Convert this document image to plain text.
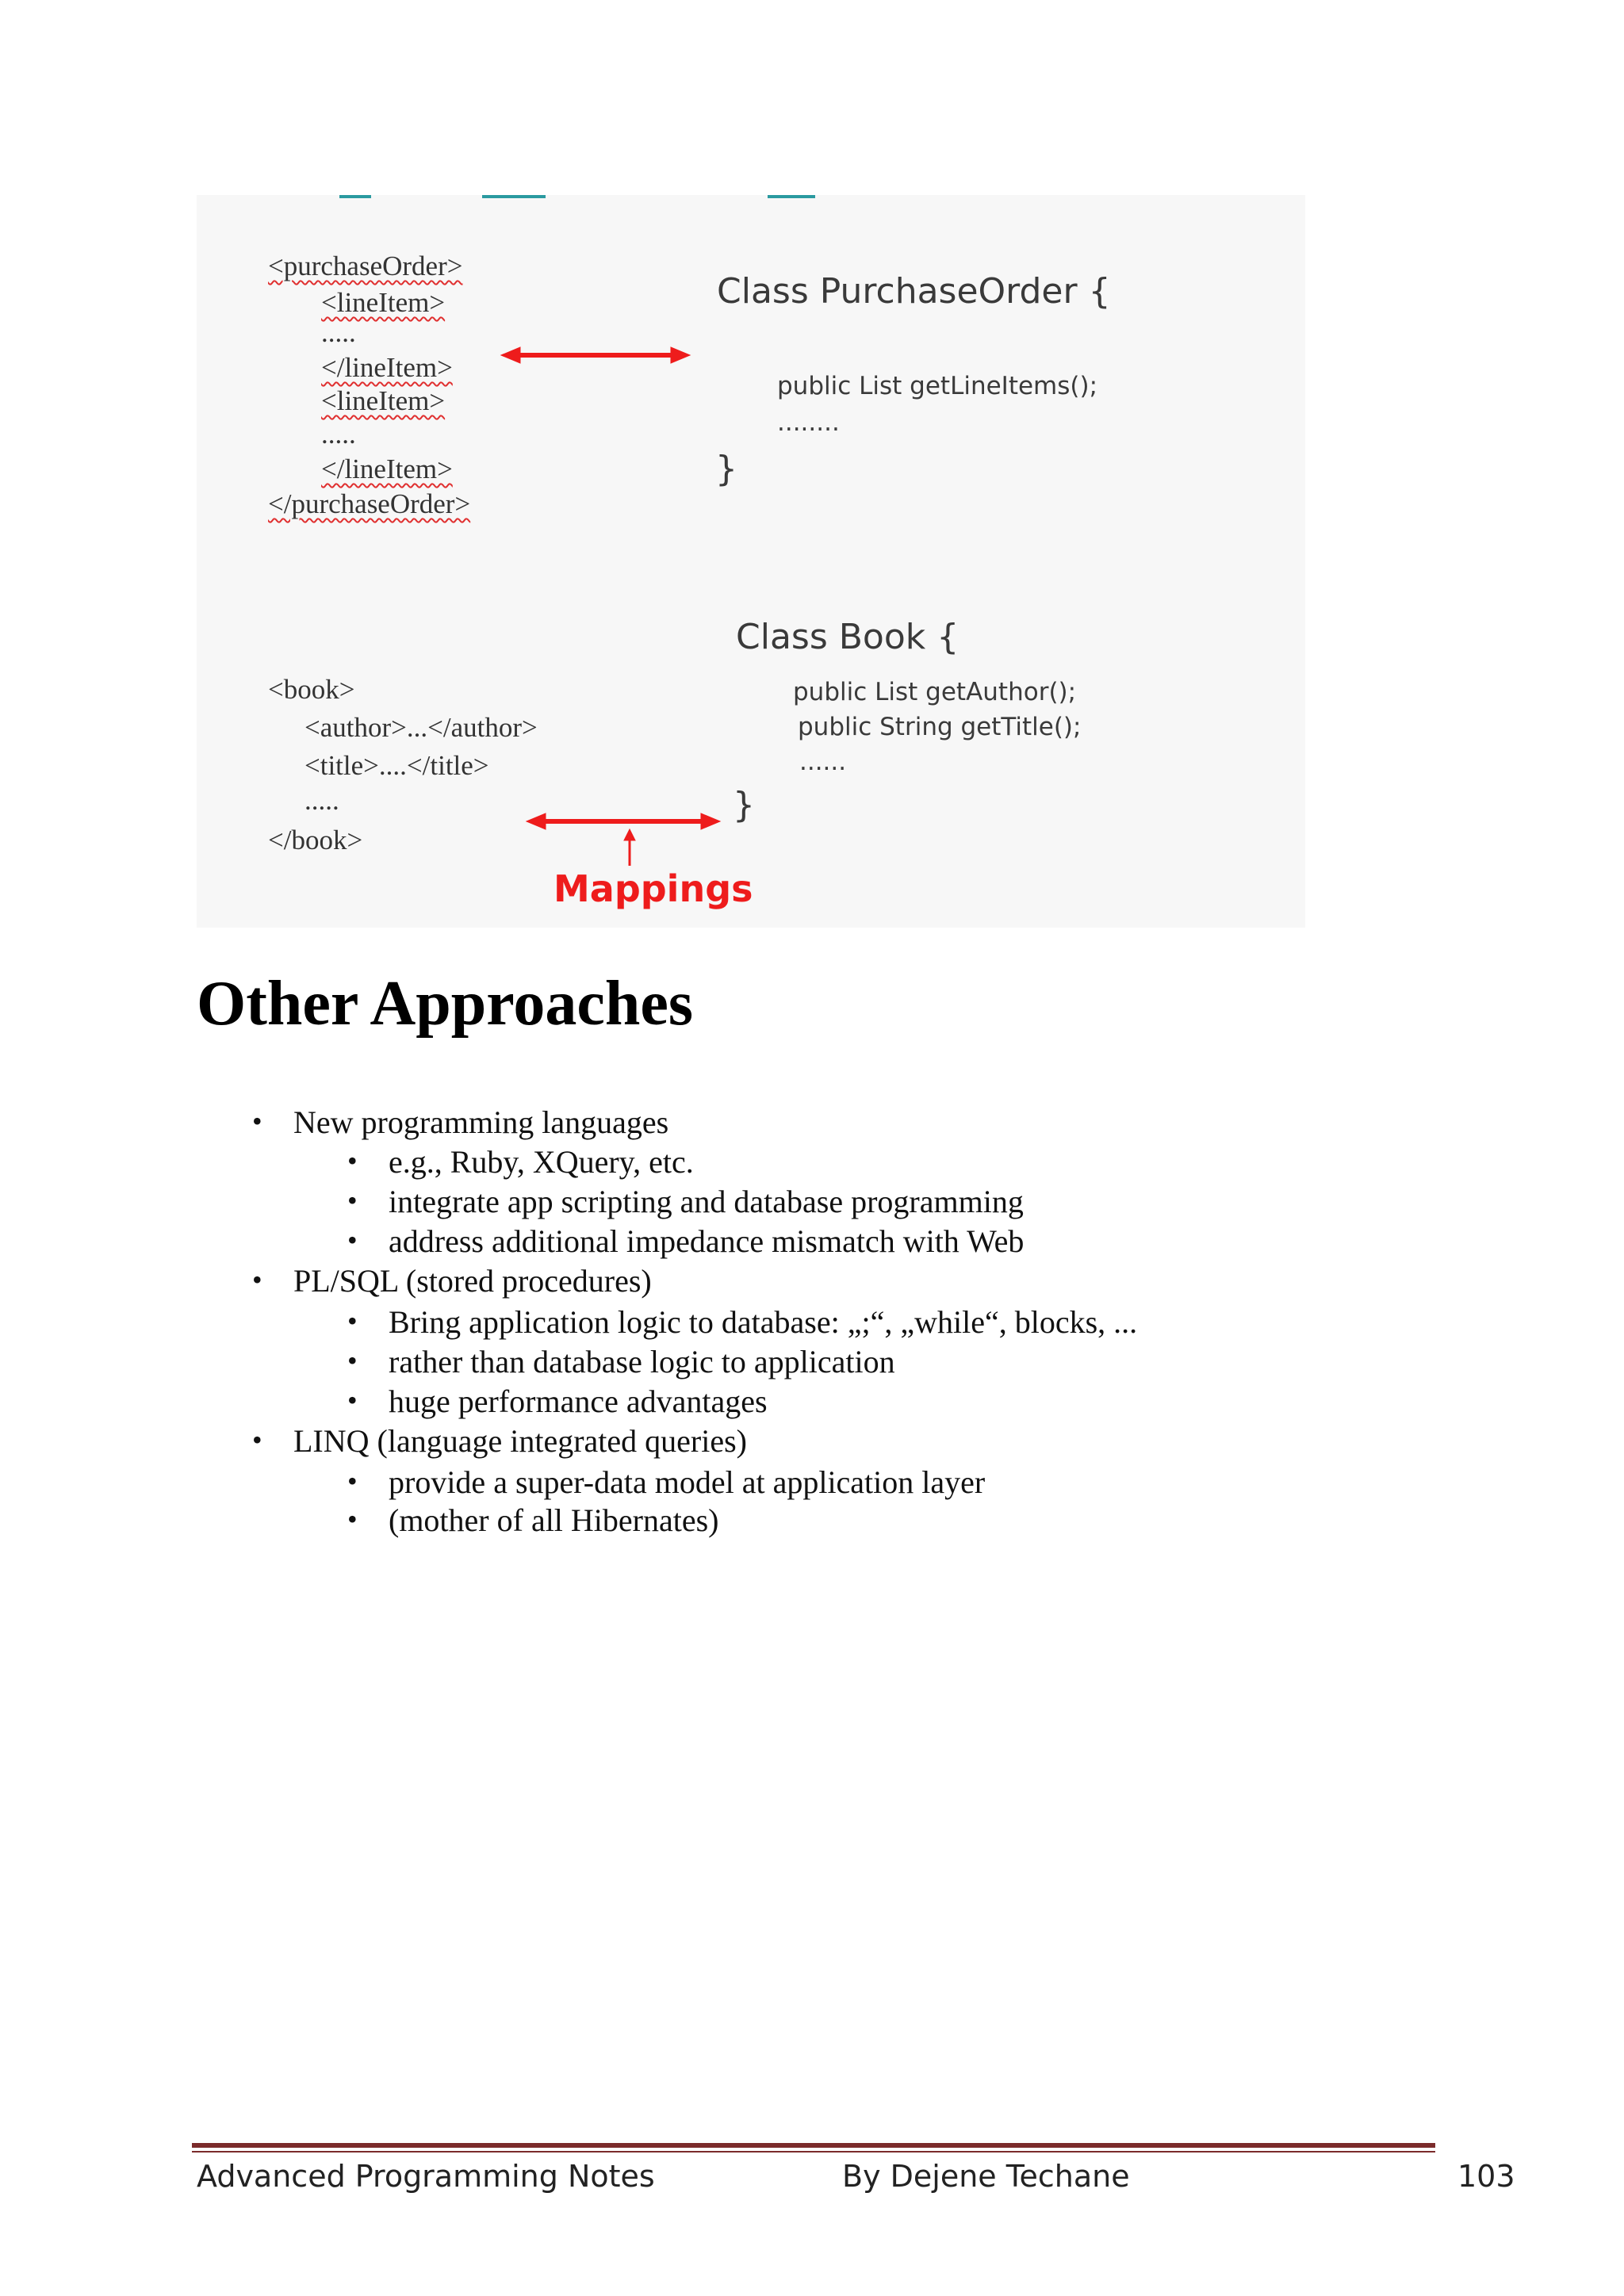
<purchaseOrder>
<lineItem>
.....
</lineItem>
<lineItem>
.....
</lineItem>
</purchaseOrder>
Class PurchaseOrder {
public List getLineItems();
........
}
Class Book {
public List getAuthor();
public String getTitle();
......
}
<book>
<author>...</author>
<title>....</title>
.....
</book>
Mappings
Other Approaches
• New programming languages
• e.g., Ruby, XQuery, etc.
• integrate app scripting and database programming
• address additional impedance mismatch with Web
• PL/SQL (stored procedures)
• Bring application logic to database: „;“, „while“, blocks, ...
• rather than database logic to application
• huge performance advantages
• LINQ (language integrated queries)
• provide a super-data model at application layer
• (mother of all Hibernates)
Advanced Programming Notes	By Dejene Techane	103
